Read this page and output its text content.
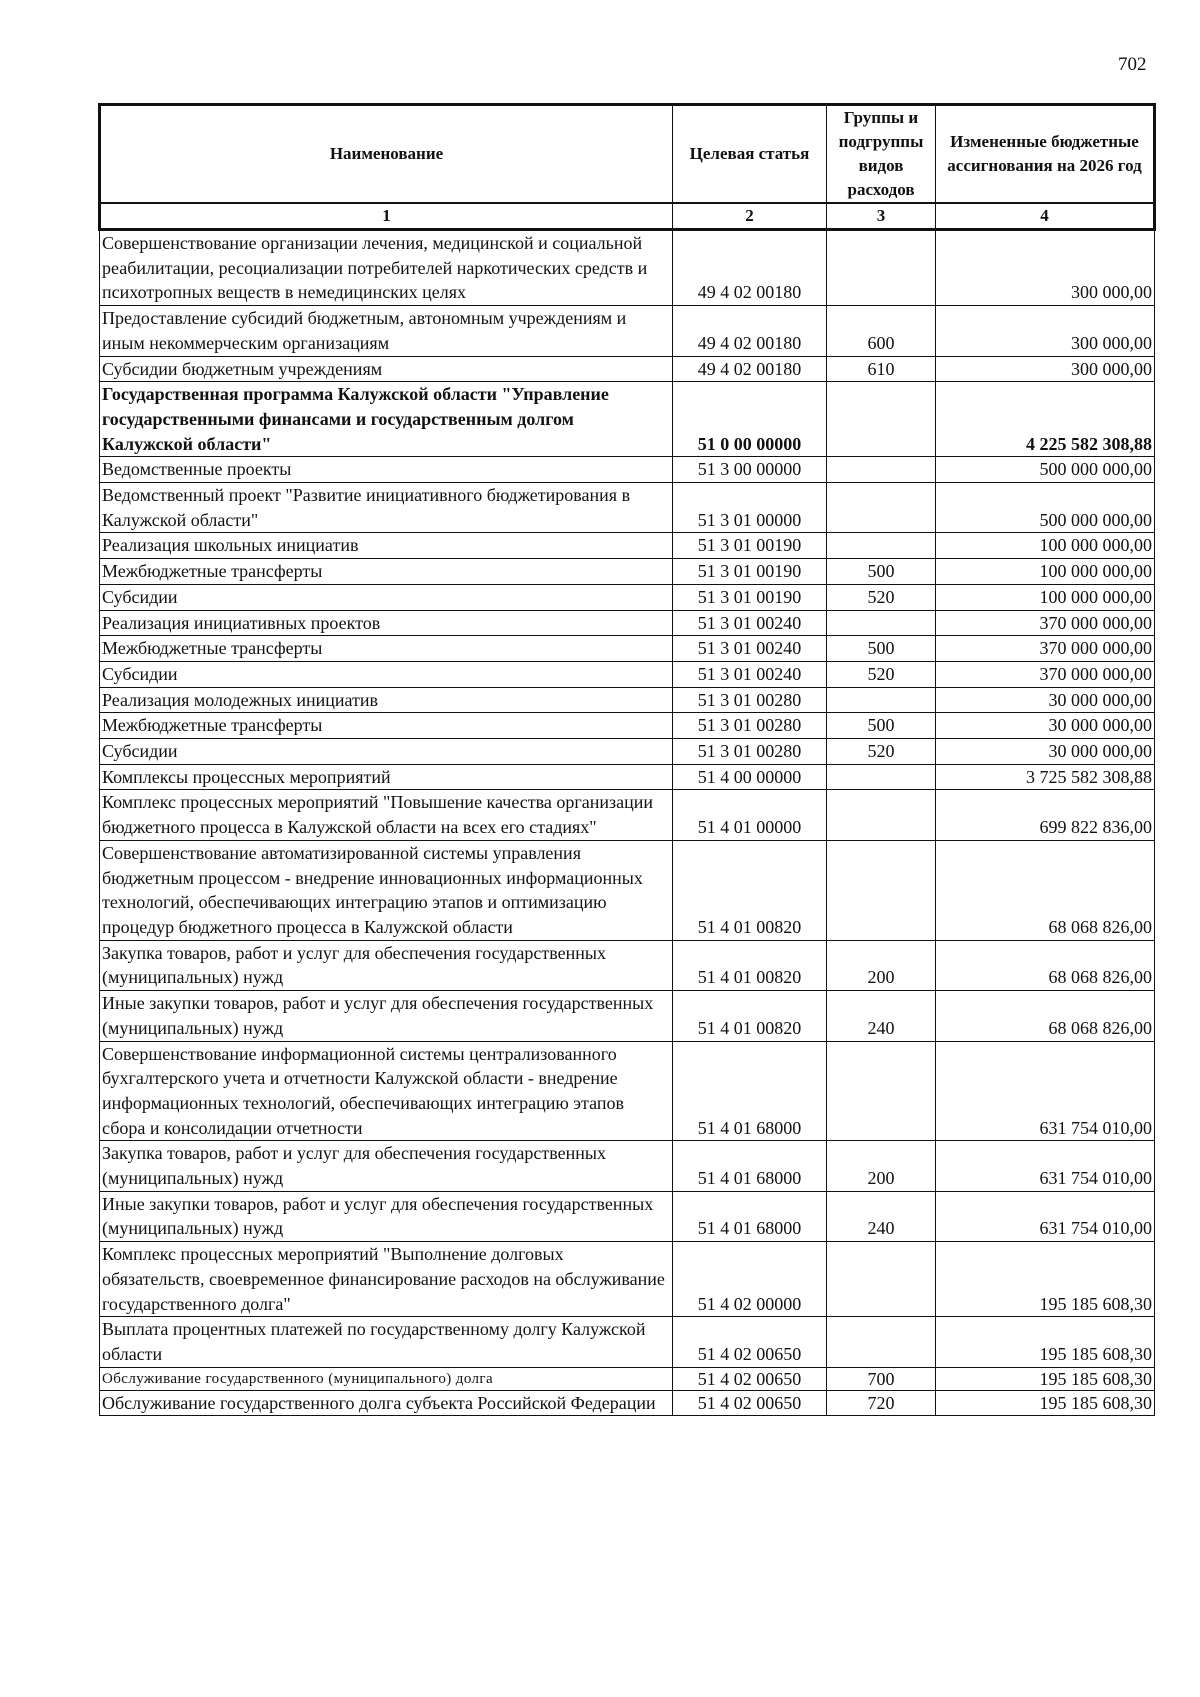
702
Наименование	Целевая статья	Группы и подгруппы видов расходов	Измененные бюджетные ассигнования на 2026 год
1	2	3	4
Совершенствование организации лечения, медицинской и социальной реабилитации, ресоциализации потребителей наркотических средств и психотропных веществ в немедицинских целях	49 4 02 00180		300 000,00
Предоставление субсидий бюджетным, автономным учреждениям и иным некоммерческим организациям	49 4 02 00180	600	300 000,00
Субсидии бюджетным учреждениям	49 4 02 00180	610	300 000,00
Государственная программа Калужской области "Управление государственными финансами и государственным долгом Калужской области"	51 0 00 00000		4 225 582 308,88
Ведомственные проекты	51 3 00 00000		500 000 000,00
Ведомственный проект "Развитие инициативного бюджетирования в Калужской области"	51 3 01 00000		500 000 000,00
Реализация школьных инициатив	51 3 01 00190		100 000 000,00
Межбюджетные трансферты	51 3 01 00190	500	100 000 000,00
Субсидии	51 3 01 00190	520	100 000 000,00
Реализация инициативных проектов	51 3 01 00240		370 000 000,00
Межбюджетные трансферты	51 3 01 00240	500	370 000 000,00
Субсидии	51 3 01 00240	520	370 000 000,00
Реализация молодежных инициатив	51 3 01 00280		30 000 000,00
Межбюджетные трансферты	51 3 01 00280	500	30 000 000,00
Субсидии	51 3 01 00280	520	30 000 000,00
Комплексы процессных мероприятий	51 4 00 00000		3 725 582 308,88
Комплекс процессных мероприятий "Повышение качества организации бюджетного процесса в Калужской области на всех его стадиях"	51 4 01 00000		699 822 836,00
Совершенствование автоматизированной системы управления бюджетным процессом - внедрение инновационных информационных технологий, обеспечивающих интеграцию этапов и оптимизацию процедур бюджетного процесса в Калужской области	51 4 01 00820		68 068 826,00
Закупка товаров, работ и услуг для обеспечения государственных (муниципальных) нужд	51 4 01 00820	200	68 068 826,00
Иные закупки товаров, работ и услуг для обеспечения государственных (муниципальных) нужд	51 4 01 00820	240	68 068 826,00
Совершенствование информационной системы централизованного бухгалтерского учета и отчетности Калужской области - внедрение информационных технологий, обеспечивающих интеграцию этапов сбора и консолидации отчетности	51 4 01 68000		631 754 010,00
Закупка товаров, работ и услуг для обеспечения государственных (муниципальных) нужд	51 4 01 68000	200	631 754 010,00
Иные закупки товаров, работ и услуг для обеспечения государственных (муниципальных) нужд	51 4 01 68000	240	631 754 010,00
Комплекс процессных мероприятий "Выполнение долговых обязательств, своевременное финансирование расходов на обслуживание государственного долга"	51 4 02 00000		195 185 608,30
Выплата процентных платежей по государственному долгу Калужской области	51 4 02 00650		195 185 608,30
Обслуживание государственного (муниципального) долга	51 4 02 00650	700	195 185 608,30
Обслуживание государственного долга субъекта Российской Федерации	51 4 02 00650	720	195 185 608,30
